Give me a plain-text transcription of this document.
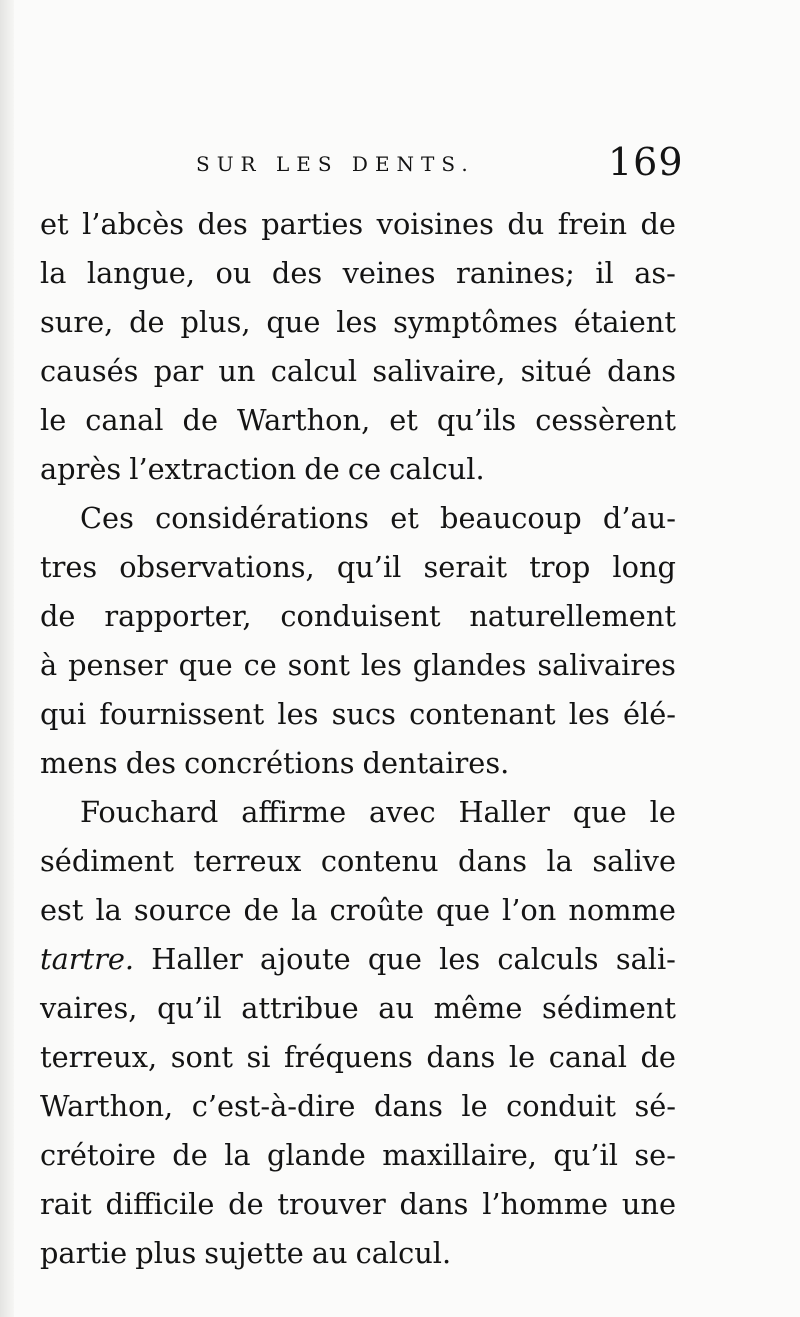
SUR LES DENTS.	169
et l’abcès des parties voisines du frein de
la langue, ou des veines ranines; il as-
sure, de plus, que les symptômes étaient
causés par un calcul salivaire, situé dans
le canal de Warthon, et qu’ils cessèrent
après l’extraction de ce calcul.
Ces considérations et beaucoup d’au-
tres observations, qu’il serait trop long
de rapporter, conduisent naturellement
à penser que ce sont les glandes salivaires
qui fournissent les sucs contenant les élé-
mens des concrétions dentaires.
Fouchard affirme avec Haller que le
sédiment terreux contenu dans la salive
est la source de la croûte que l’on nomme
tartre. Haller ajoute que les calculs sali-
vaires, qu’il attribue au même sédiment
terreux, sont si fréquens dans le canal de
Warthon, c’est-à-dire dans le conduit sé-
crétoire de la glande maxillaire, qu’il se-
rait difficile de trouver dans l’homme une
partie plus sujette au calcul.
